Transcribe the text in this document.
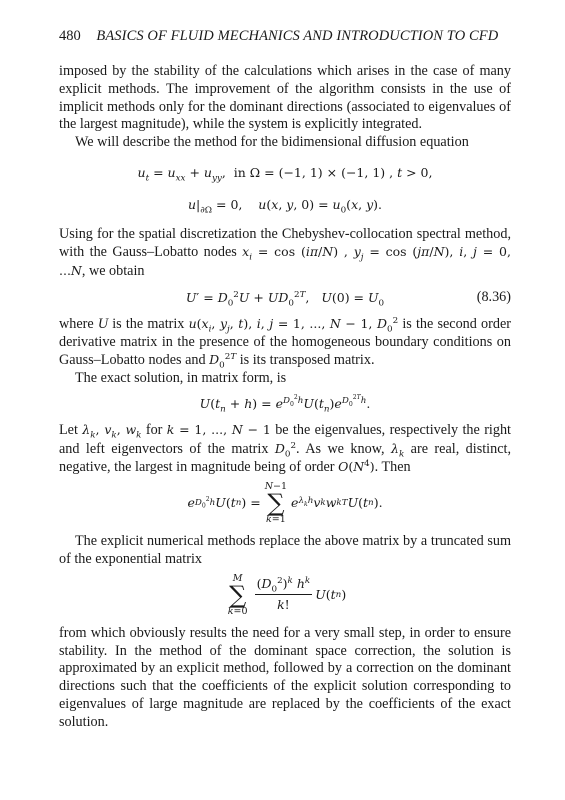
480 BASICS OF FLUID MECHANICS AND INTRODUCTION TO CFD

imposed by the stability of the calculations which arises in the case of many explicit methods. The improvement of the algorithm consists in the use of implicit methods only for the dominant directions (associated to eigenvalues of the largest magnitude), while the system is explicitly integrated.

We will describe the method for the bidimensional diffusion equation

$u_t = u_{xx} + u_{yy}$,  in Ω = (−1, 1) × (−1, 1) , t > 0,
$u|_{\partial\Omega} = 0$,    u(x, y, $0) = u_0(x$, y).

Using for the spatial discretization the Chebyshev-collocation spectral method, with the Gauss–Lobatto nodes $x_i = \cos (i\pi/N)$ , $y_j = \cos (j\pi/N)$, i, j = 0, ...N, we obtain

$U' = D_0^2U + UD_0^{2T}$,   $U(0) = U_0$	(8.36)

where U is the matrix $u(x_i$, $y_j$, t), i, j = 1, ..., N − 1, $D_0^2$ is the second order derivative matrix in the presence of the homogeneous boundary conditions on Gauss–Lobatto nodes and $D_0^{2T}$ is its transposed matrix.

The exact solution, in matrix form, is

$U(t_n + h) = e^{D_0^2h}U(t_n)e^{D_0^{2T}h}$.

Let $\lambda_k$, $v_k$, $w_k$ for k = 1, ..., N − 1 be the eigenvalues, respectively the right and left eigenvectors of the matrix $D_0^2$. As we know, $\lambda_k$ are real, distinct, negative, the largest in magnitude being of order $O(N^4)$. Then

e $D_0^2h$ U ( t n ) =
N−1
∑
k=1
e $\lambda_kh$ v k w k T U ( t n ).

The explicit numerical methods replace the above matrix by a truncated sum of the exponential matrix

M
∑
$k=0 \frac{(D_0^2)^k h^k}{k!}$ U ( t n )

from which obviously results the need for a very small step, in order to ensure stability. In the method of the dominant space correction, the solution is approximated by an explicit method, followed by a correction on the dominant directions such that the coefficients of the explicit solution corresponding to eigenvalues of large magnitude are replaced by the coefficients of the exact solution.
